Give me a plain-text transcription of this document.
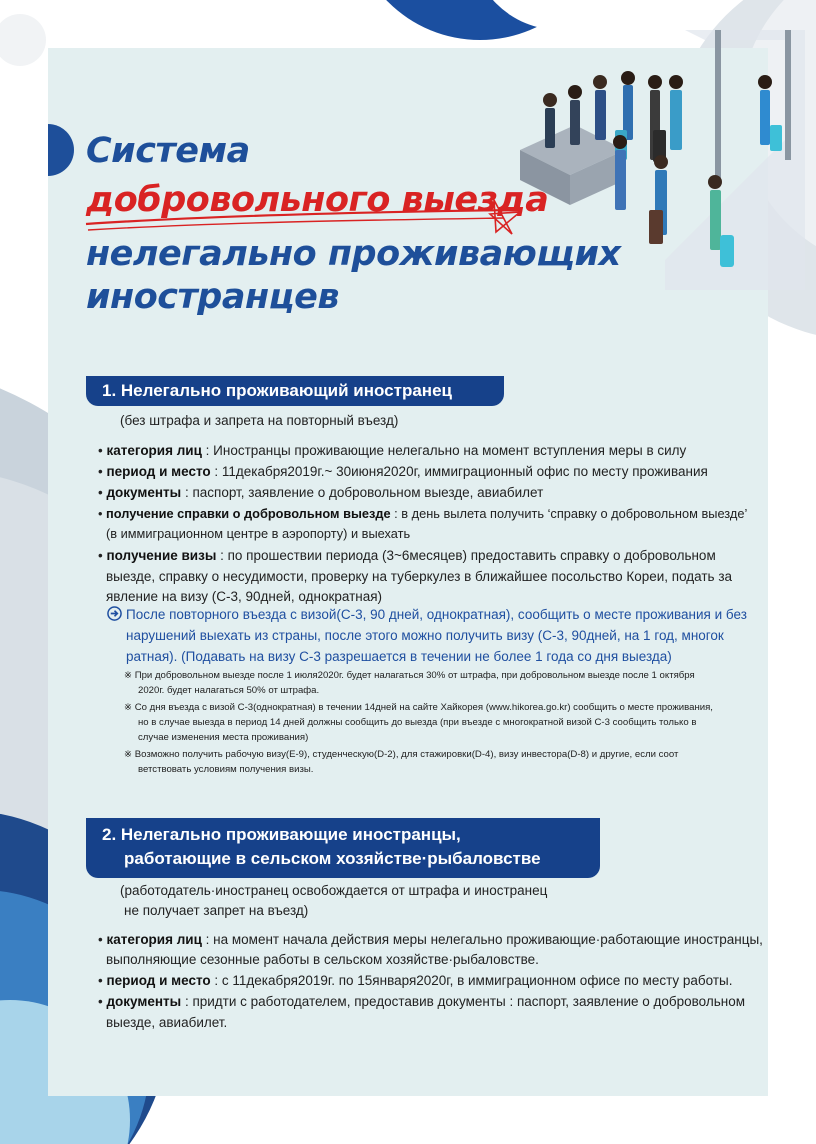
Система
добровольного выезда
нелегально проживающих
иностранцев
1. Нелегально проживающий иностранец
(без штрафа и запрета на повторный въезд)
• категория лиц : Иностранцы проживающие нелегально на момент вступления меры в силу
• период и место : 11декабря2019г.~ 30июня2020г, иммиграционный офис по месту проживания
• документы : паспорт, заявление о добровольном выезде, авиабилет
• получение справки о добровольном выезде : в день вылета получить ‘справку о добровольном выезде’
(в иммиграционном центре в аэропорту) и выехать
• получение визы : по прошествии периода (3~6месяцев) предоставить справку о добровольном
выезде, справку о несудимости, проверку на туберкулез в ближайшее посольство Кореи, подать за
явление на визу (C-3, 90дней, однократная)
После повторного въезда с визой(C-3, 90 дней, однократная), сообщить о месте проживания и без
нарушений выехать из страны, после этого можно получить визу (C-3, 90дней, на 1 год, многок
ратная). (Подавать на визу C-3 разрешается в течении не более 1 года со дня выезда)
※ При добровольном выезде после 1 июля2020г. будет налагаться 30% от штрафа, при добровольном выезде после 1 октября
2020г. будет налагаться 50% от штрафа.
※ Со дня въезда с визой C-3(однократная) в течении 14дней на сайте Хайкорея (www.hikorea.go.kr) сообщить о месте проживания,
но в случае выезда в период 14 дней должны сообщить до выезда (при въезде с многократной визой C-3 сообщить только в
случае изменения места проживания)
※ Возможно получить рабочую визу(E-9), студенческую(D-2), для стажировки(D-4), визу инвестора(D-8) и другие, если соот
ветствовать условиям получения визы.
2. Нелегально проживающие иностранцы,
работающие в сельском хозяйстве·рыбаловстве
(работодатель·иностранец освобождается от штрафа и иностранец
не получает запрет на въезд)
• категория лиц : на момент начала действия меры нелегально проживающие·работающие иностранцы,
выполняющие сезонные работы в сельском хозяйстве·рыбаловстве.
• период и место : с 11декабря2019г. по 15января2020г, в иммиграционном офисе по месту работы.
• документы : придти с работодателем, предоставив документы : паспорт, заявление о добровольном
выезде, авиабилет.
